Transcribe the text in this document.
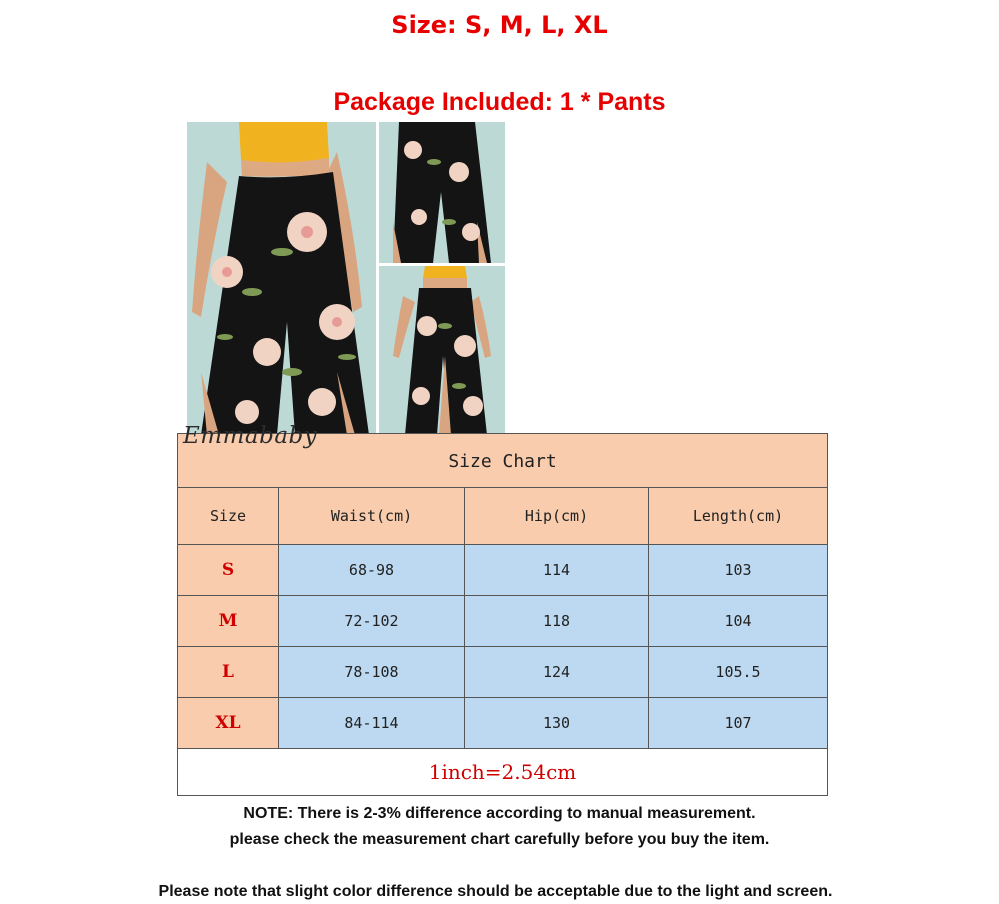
Size: S, M, L, XL
Package Included: 1 * Pants
Size Chart
Emmababy
Size	Waist(cm)	Hip(cm)	Length(cm)
S	68-98	114	103
M	72-102	118	104
L	78-108	124	105.5
XL	84-114	130	107
1inch=2.54cm
NOTE: There is 2-3% difference according to manual measurement.
please check the measurement chart carefully before you buy the item.
Please note that slight color difference should be acceptable due to the light and screen.
